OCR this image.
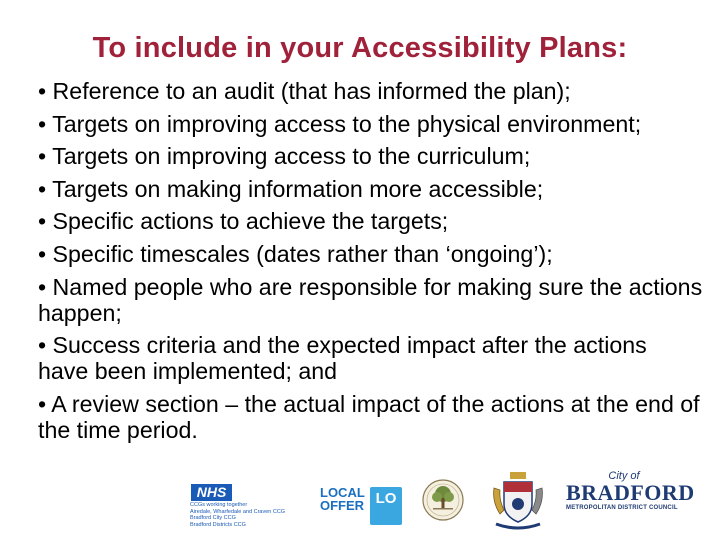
To include in your Accessibility Plans:
• Reference to an audit (that has informed the plan);
• Targets on improving access to the physical environment;
• Targets on improving access to the curriculum;
• Targets on making information more accessible;
• Specific actions to achieve the targets;
• Specific timescales (dates rather than ‘ongoing’);
• Named people who are responsible for making sure the actions happen;
• Success criteria and the expected impact after the actions have been implemented; and
• A review section – the actual impact of the actions at the end of the time period.
NHS
CCGs working together
Airedale, Wharfedale and Craven CCG
Bradford City CCG
Bradford Districts CCG
LOCAL
OFFER LO
City of
BRADFORD
METROPOLITAN DISTRICT COUNCIL
